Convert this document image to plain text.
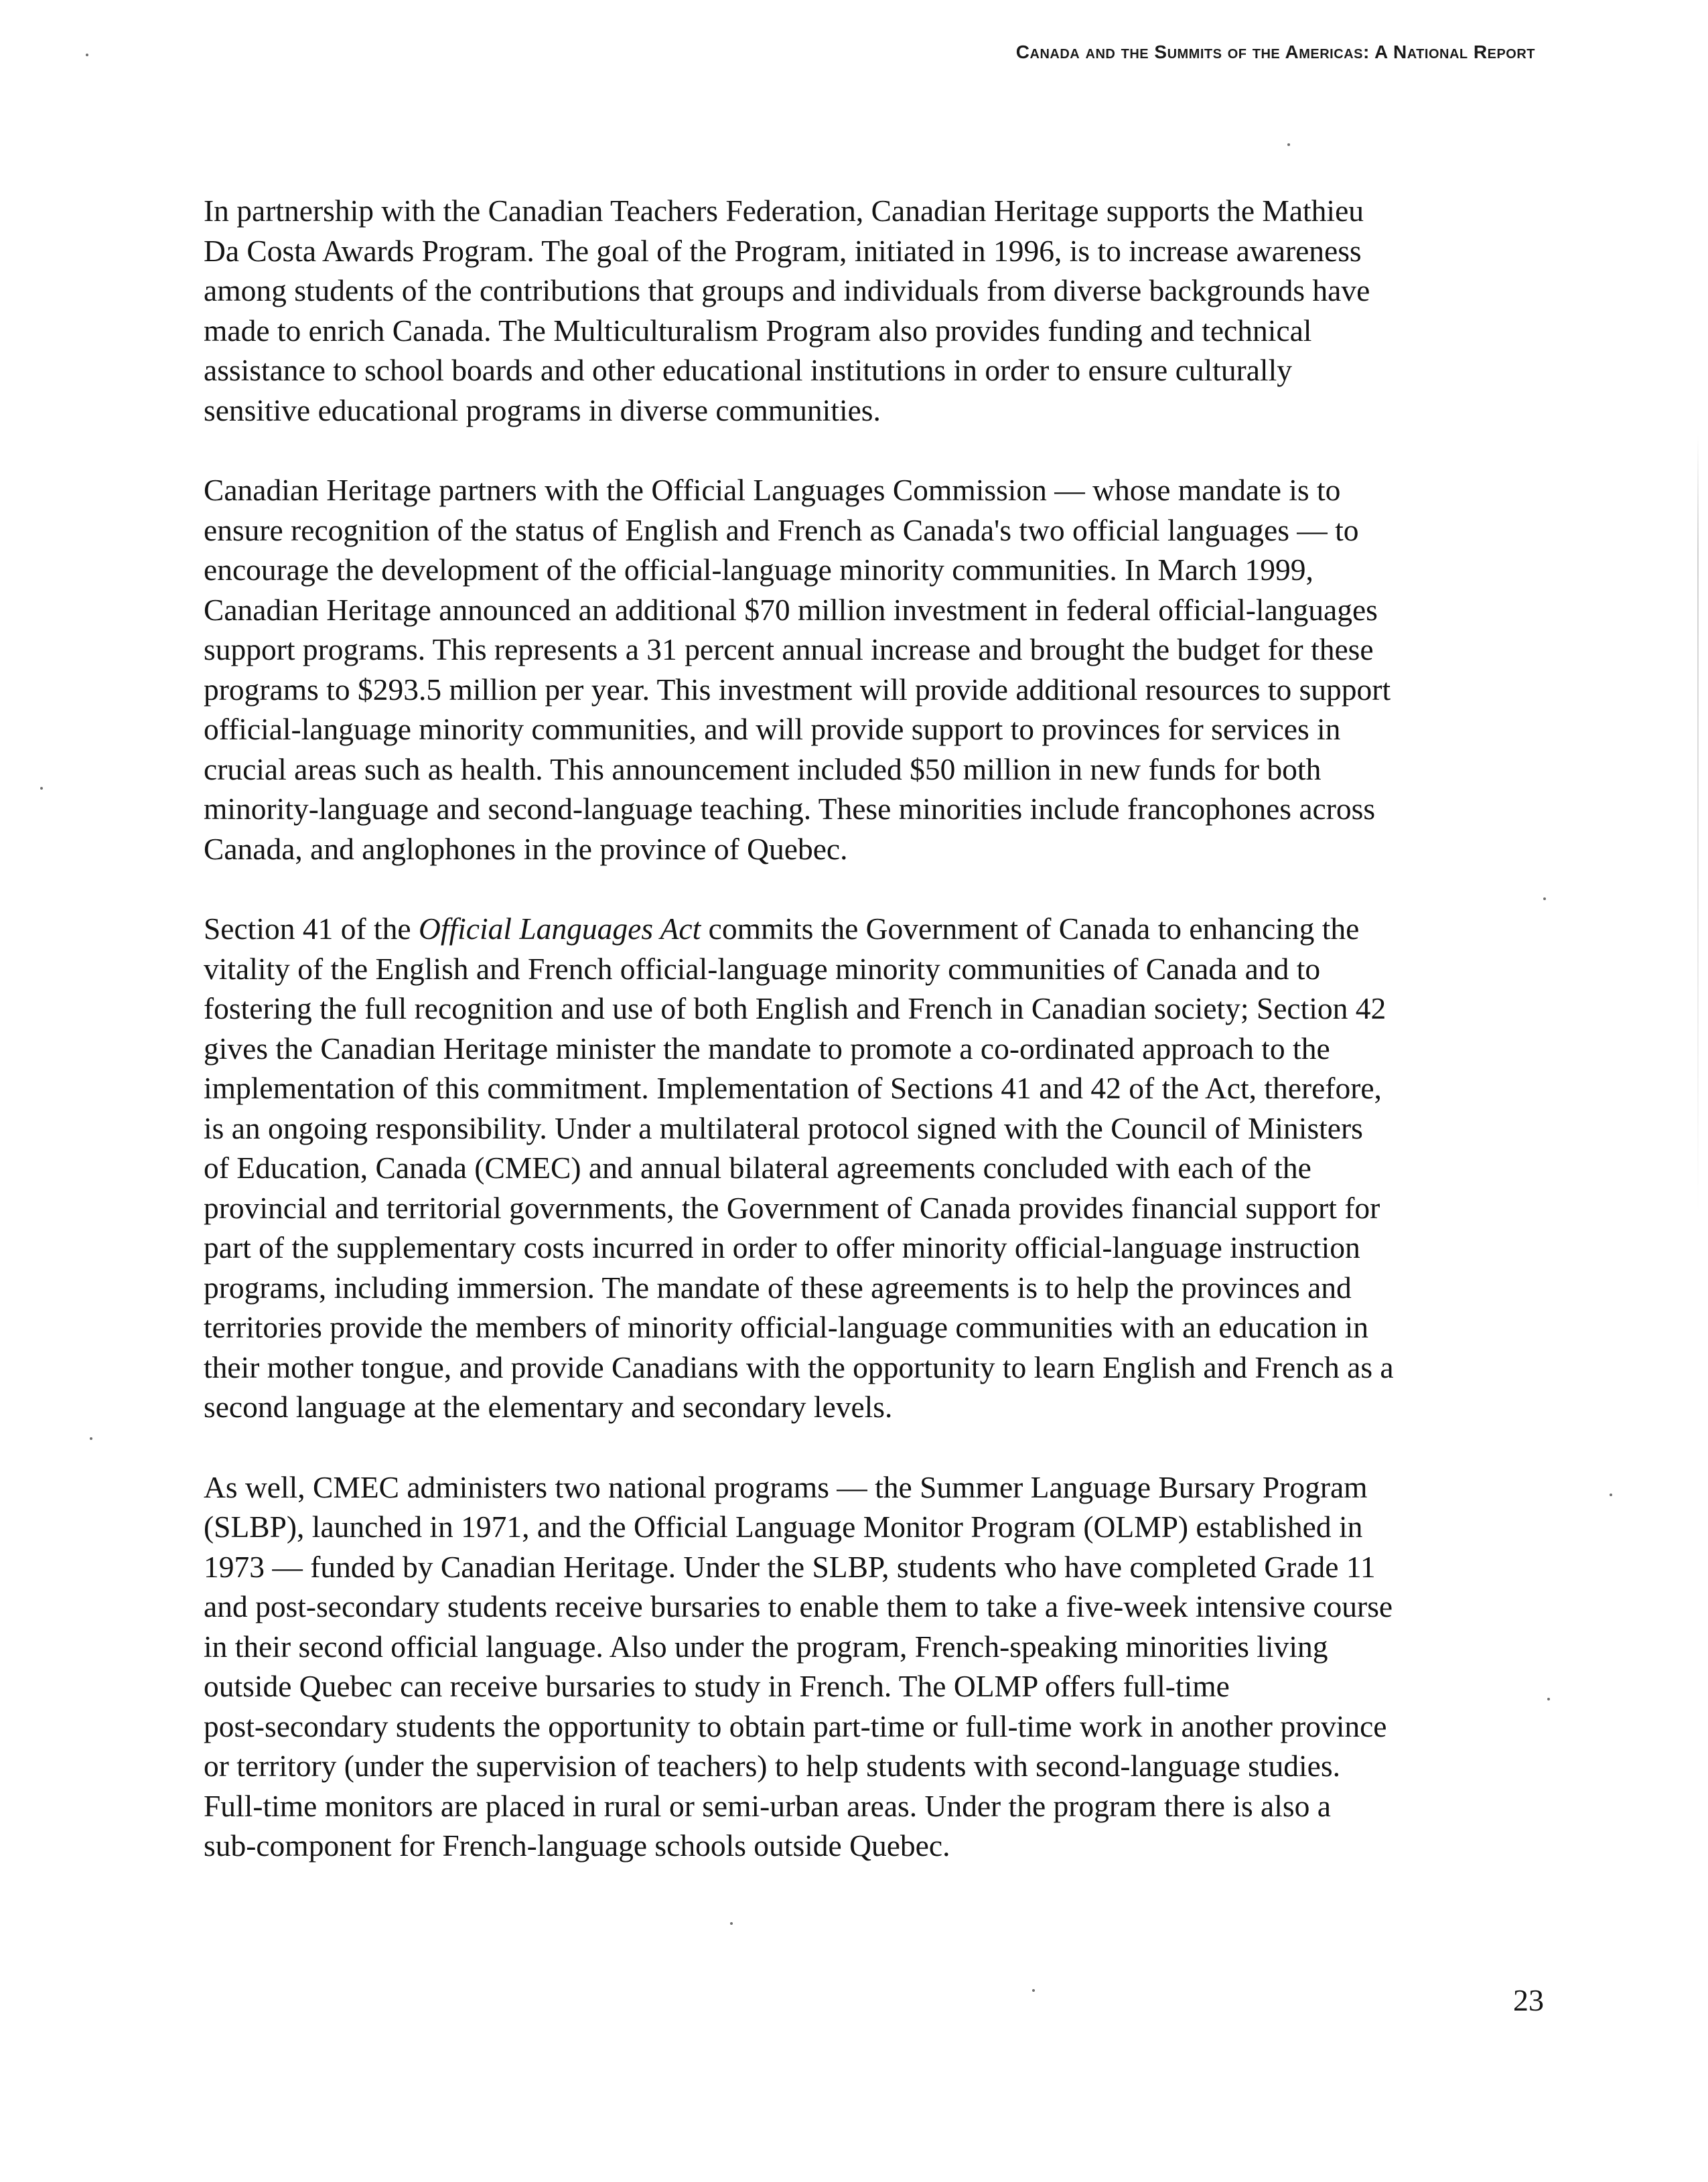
Canada and the Summits of the Americas: A National Report

In partnership with the Canadian Teachers Federation, Canadian Heritage supports the Mathieu
Da Costa Awards Program. The goal of the Program, initiated in 1996, is to increase awareness
among students of the contributions that groups and individuals from diverse backgrounds have
made to enrich Canada. The Multiculturalism Program also provides funding and technical
assistance to school boards and other educational institutions in order to ensure culturally
sensitive educational programs in diverse communities.

Canadian Heritage partners with the Official Languages Commission — whose mandate is to
ensure recognition of the status of English and French as Canada's two official languages — to
encourage the development of the official-language minority communities. In March 1999,
Canadian Heritage announced an additional $70 million investment in federal official-languages
support programs. This represents a 31 percent annual increase and brought the budget for these
programs to $293.5 million per year. This investment will provide additional resources to support
official-language minority communities, and will provide support to provinces for services in
crucial areas such as health. This announcement included $50 million in new funds for both
minority-language and second-language teaching. These minorities include francophones across
Canada, and anglophones in the province of Quebec.

Section 41 of the Official Languages Act commits the Government of Canada to enhancing the
vitality of the English and French official-language minority communities of Canada and to
fostering the full recognition and use of both English and French in Canadian society; Section 42
gives the Canadian Heritage minister the mandate to promote a co-ordinated approach to the
implementation of this commitment. Implementation of Sections 41 and 42 of the Act, therefore,
is an ongoing responsibility. Under a multilateral protocol signed with the Council of Ministers
of Education, Canada (CMEC) and annual bilateral agreements concluded with each of the
provincial and territorial governments, the Government of Canada provides financial support for
part of the supplementary costs incurred in order to offer minority official-language instruction
programs, including immersion. The mandate of these agreements is to help the provinces and
territories provide the members of minority official-language communities with an education in
their mother tongue, and provide Canadians with the opportunity to learn English and French as a
second language at the elementary and secondary levels.

As well, CMEC administers two national programs — the Summer Language Bursary Program
(SLBP), launched in 1971, and the Official Language Monitor Program (OLMP) established in
1973 — funded by Canadian Heritage. Under the SLBP, students who have completed Grade 11
and post-secondary students receive bursaries to enable them to take a five-week intensive course
in their second official language. Also under the program, French-speaking minorities living
outside Quebec can receive bursaries to study in French. The OLMP offers full-time
post-secondary students the opportunity to obtain part-time or full-time work in another province
or territory (under the supervision of teachers) to help students with second-language studies.
Full-time monitors are placed in rural or semi-urban areas. Under the program there is also a
sub-component for French-language schools outside Quebec.

23
